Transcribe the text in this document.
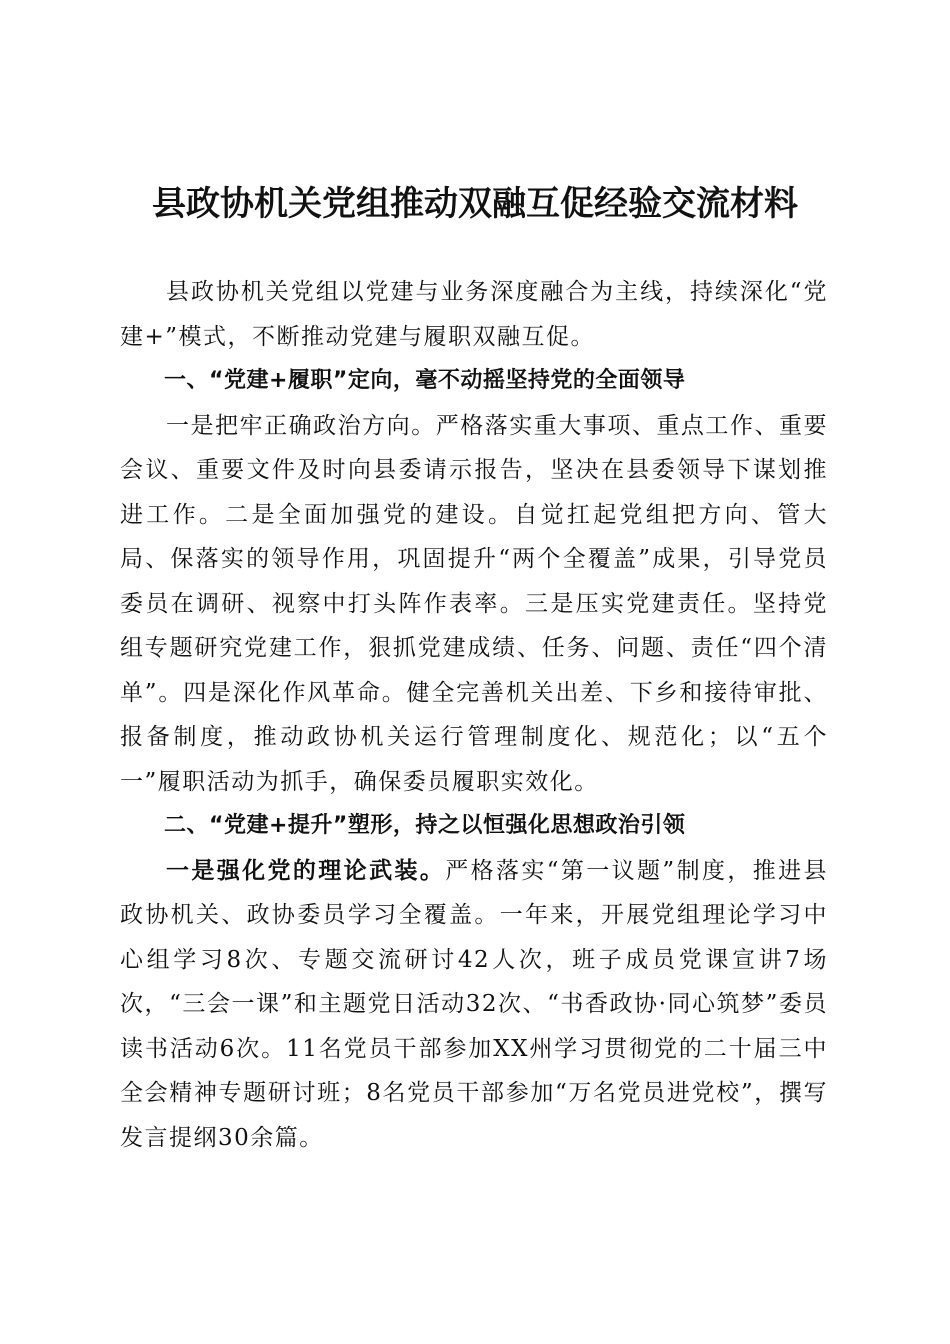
县政协机关党组推动双融互促经验交流材料

县政协机关党组以党建与业务深度融合为主线，持续深化“党建+”模式，不断推动党建与履职双融互促。

一、“党建+履职”定向，毫不动摇坚持党的全面领导

一是把牢正确政治方向。严格落实重大事项、重点工作、重要会议、重要文件及时向县委请示报告，坚决在县委领导下谋划推进工作。二是全面加强党的建设。自觉扛起党组把方向、管大局、保落实的领导作用，巩固提升“两个全覆盖”成果，引导党员委员在调研、视察中打头阵作表率。三是压实党建责任。坚持党组专题研究党建工作，狠抓党建成绩、任务、问题、责任“四个清单”。四是深化作风革命。健全完善机关出差、下乡和接待审批、报备制度，推动政协机关运行管理制度化、规范化；以“五个一”履职活动为抓手，确保委员履职实效化。

二、“党建+提升”塑形，持之以恒强化思想政治引领

一是强化党的理论武装。严格落实“第一议题”制度，推进县政协机关、政协委员学习全覆盖。一年来，开展党组理论学习中心组学习8次、专题交流研讨42人次，班子成员党课宣讲7场次，“三会一课”和主题党日活动32次、“书香政协·同心筑梦”委员读书活动6次。11名党员干部参加XX州学习贯彻党的二十届三中全会精神专题研讨班；8名党员干部参加“万名党员进党校”，撰写发言提纲30余篇。
